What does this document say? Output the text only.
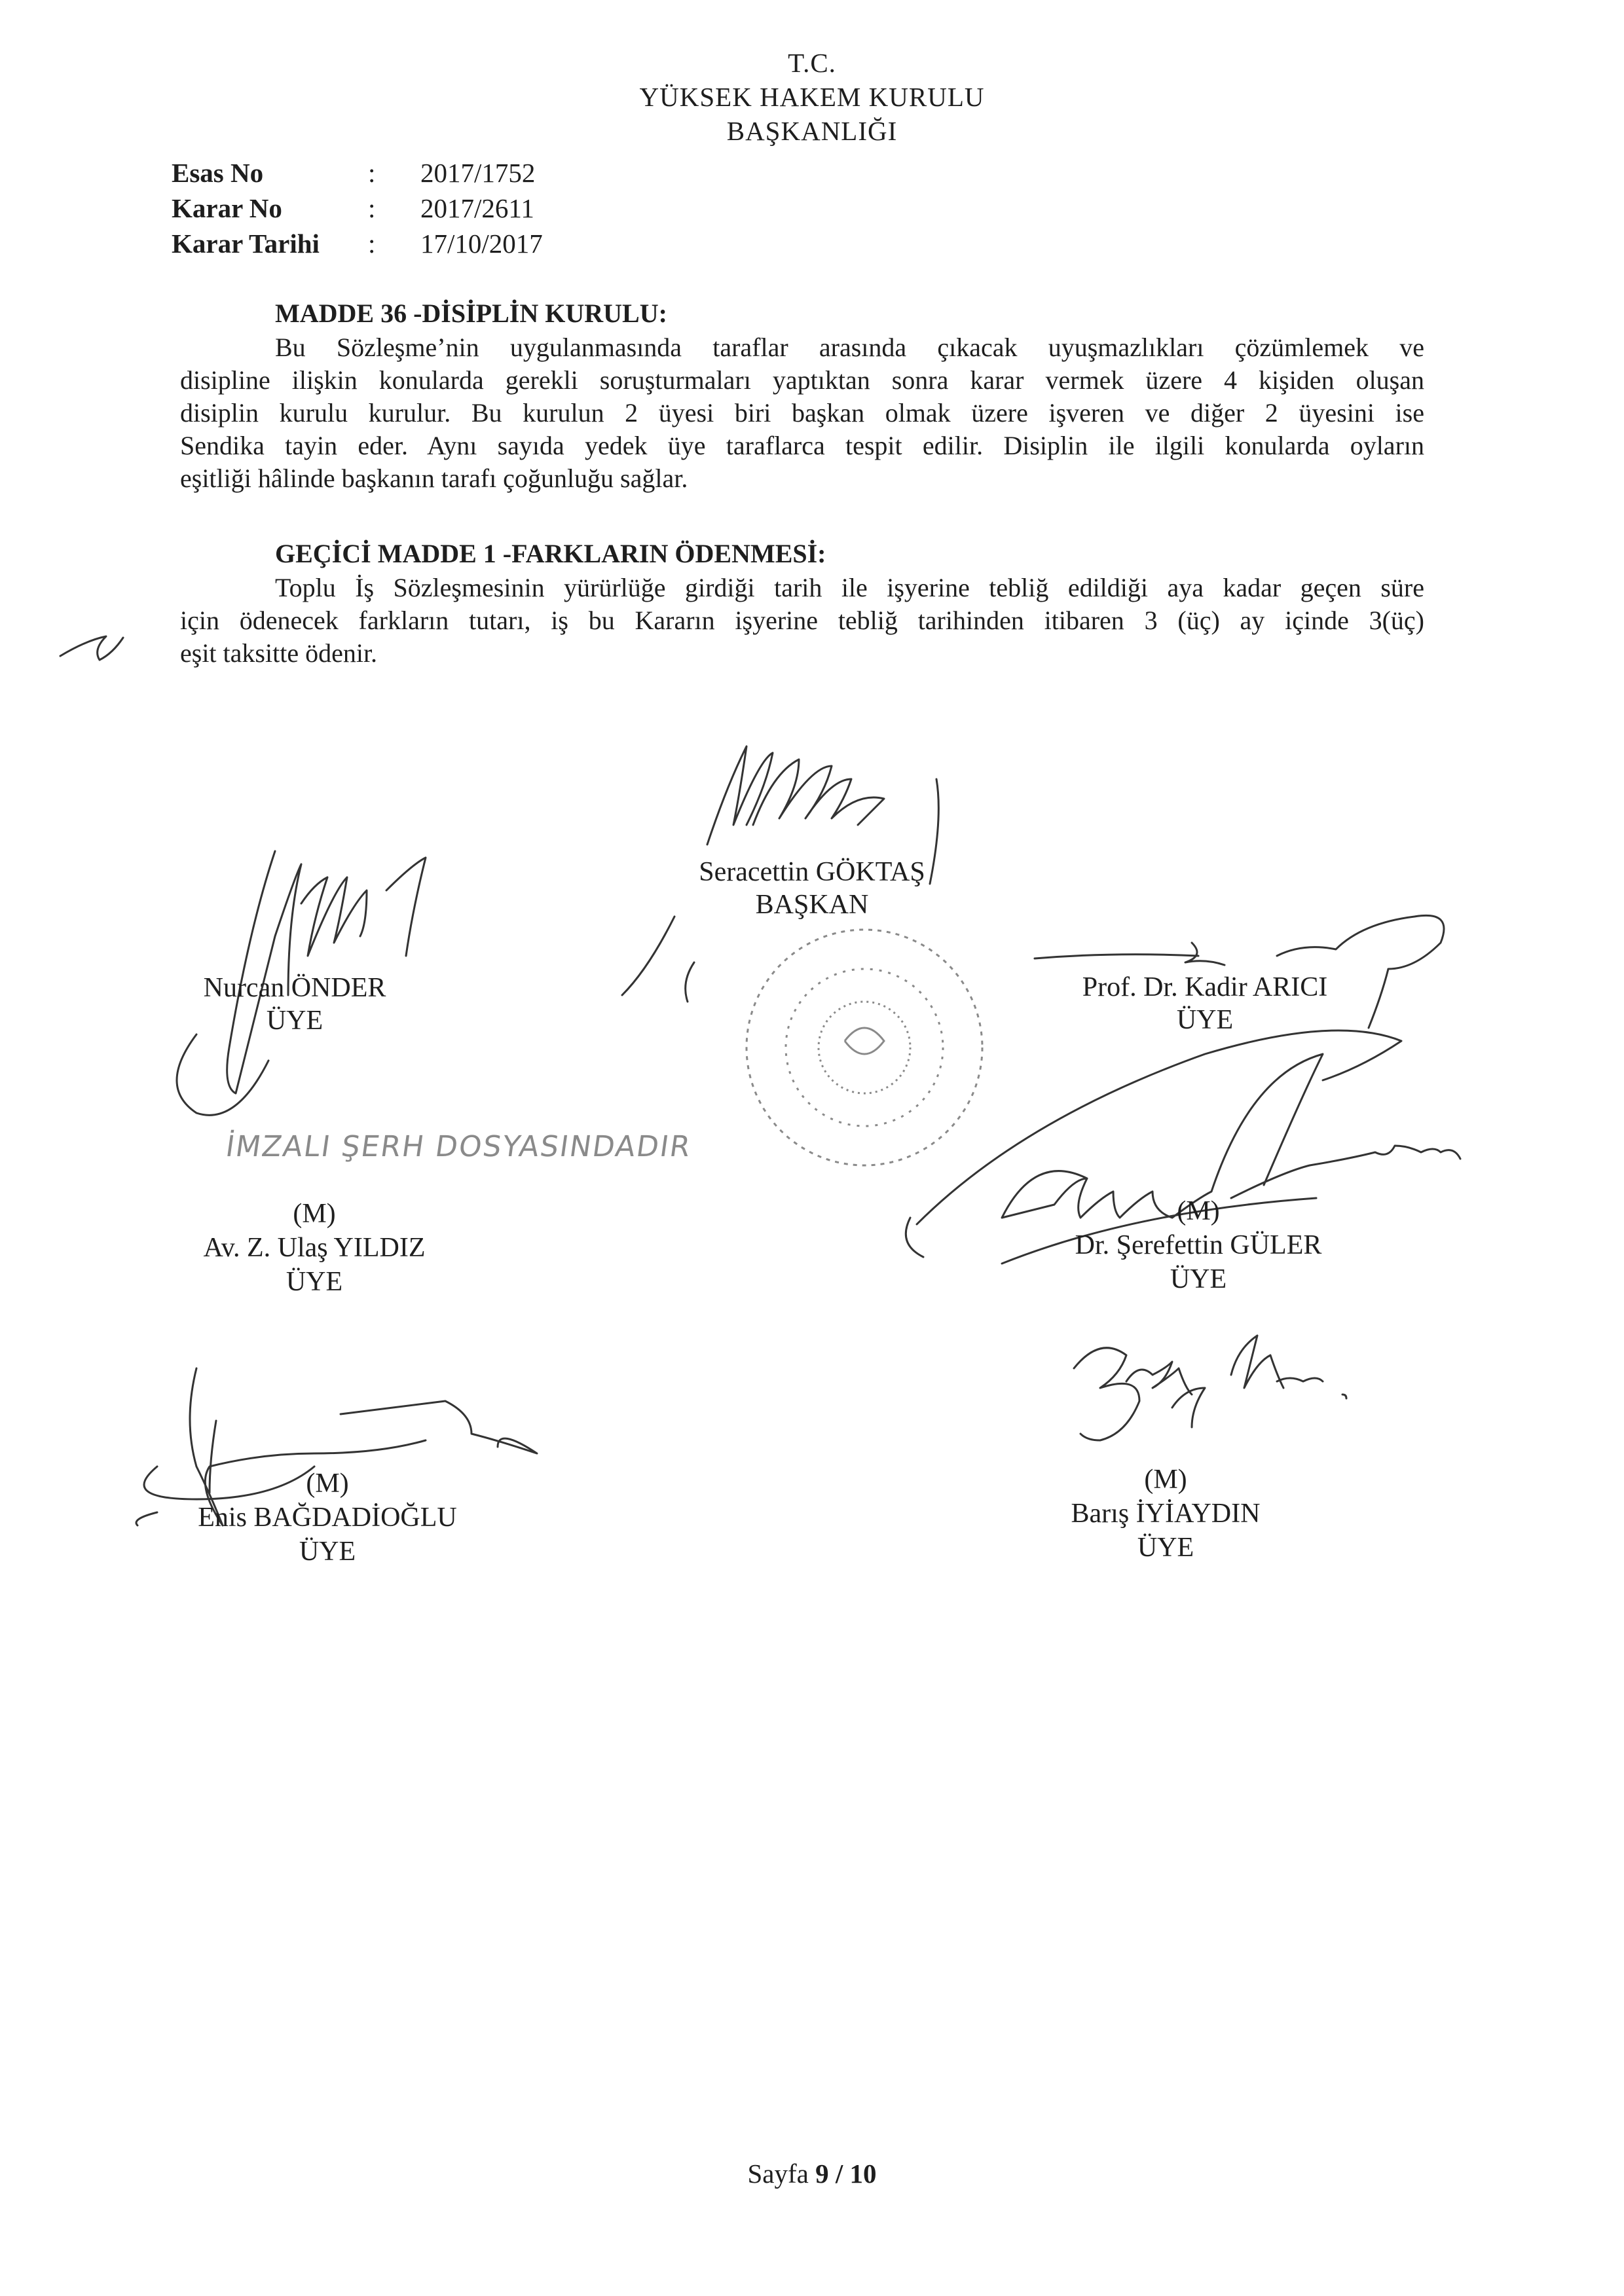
T.C.
YÜKSEK HAKEM KURULU
BAŞKANLIĞI
Esas No	: 2017/1752
Karar No	: 2017/2611
Karar Tarihi : 17/10/2017
MADDE 36 -DİSİPLİN KURULU:
Bu Sözleşme’nin uygulanmasında taraflar arasında çıkacak uyuşmazlıkları çözümlemek ve
disipline ilişkin konularda gerekli soruşturmaları yaptıktan sonra karar vermek üzere 4 kişiden oluşan
disiplin kurulu kurulur. Bu kurulun 2 üyesi biri başkan olmak üzere işveren ve diğer 2 üyesini ise
Sendika tayin eder. Aynı sayıda yedek üye taraflarca tespit edilir. Disiplin ile ilgili konularda oyların
eşitliği hâlinde başkanın tarafı çoğunluğu sağlar.
GEÇİCİ MADDE 1 -FARKLARIN ÖDENMESİ:
Toplu İş Sözleşmesinin yürürlüğe girdiği tarih ile işyerine tebliğ edildiği aya kadar geçen süre
için ödenecek farkların tutarı, iş bu Kararın işyerine tebliğ tarihinden itibaren 3 (üç) ay içinde 3(üç)
eşit taksitte ödenir.
Seracettin GÖKTAŞ
BAŞKAN
Nurcan ÖNDER
ÜYE
Prof. Dr. Kadir ARICI
ÜYE
İMZALI ŞERH DOSYASINDADIR
(M)
Av. Z. Ulaş YILDIZ
ÜYE
(M)
Dr. Şerefettin GÜLER
ÜYE
(M)
Enis BAĞDADİOĞLU
ÜYE
(M)
Barış İYİAYDIN
ÜYE
Sayfa 9 / 10
